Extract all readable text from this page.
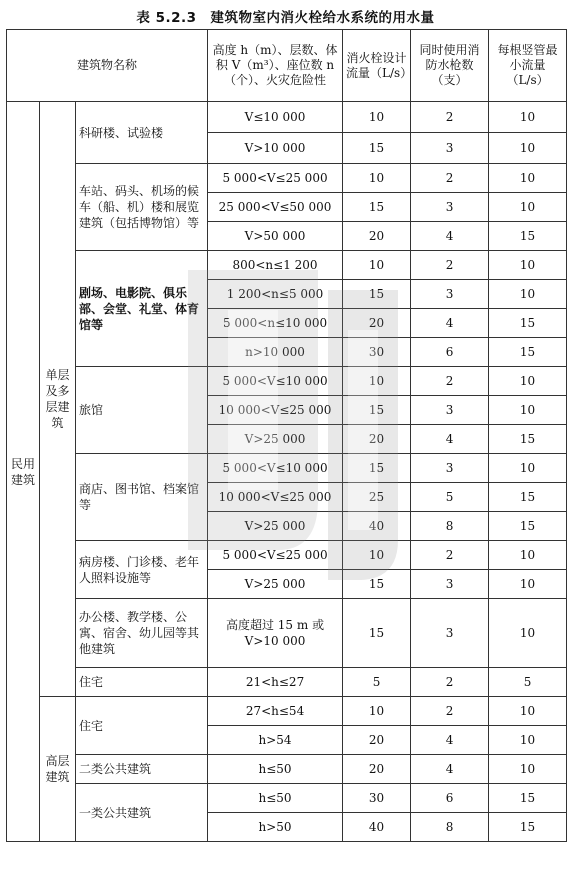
表 5.2.3　建筑物室内消火栓给水系统的用水量
建筑物名称			高度 h（m）、层数、体积 V（m³）、座位数 n（个）、火灾危险性	消火栓设计流量（L/s）	同时使用消防水枪数（支）	每根竖管最小流量（L/s）
民用建筑	单层及多层建筑	科研楼、试验楼	V≤10 000	10	2	10
			V>10 000	15	3	10
		车站、码头、机场的候车（船、机）楼和展览建筑（包括博物馆）等	5 000<V≤25 000	10	2	10
			25 000<V≤50 000	15	3	10
			V>50 000	20	4	15
		剧场、电影院、俱乐部、会堂、礼堂、体育馆等	800<n≤1 200	10	2	10
			1 200<n≤5 000	15	3	10
			5 000<n≤10 000	20	4	15
			n>10 000	30	6	15
		旅馆	5 000<V≤10 000	10	2	10
			10 000<V≤25 000	15	3	10
			V>25 000	20	4	15
		商店、图书馆、档案馆等	5 000<V≤10 000	15	3	10
			10 000<V≤25 000	25	5	15
			V>25 000	40	8	15
		病房楼、门诊楼、老年人照料设施等	5 000<V≤25 000	10	2	10
			V>25 000	15	3	10
		办公楼、教学楼、公寓、宿舍、幼儿园等其他建筑	高度超过 15 m 或 V>10 000	15	3	10
		住宅	21<h≤27	5	2	5
	高层建筑	住宅	27<h≤54	10	2	10
			h>54	20	4	10
		二类公共建筑	h≤50	20	4	10
		一类公共建筑	h≤50	30	6	15
			h>50	40	8	15
